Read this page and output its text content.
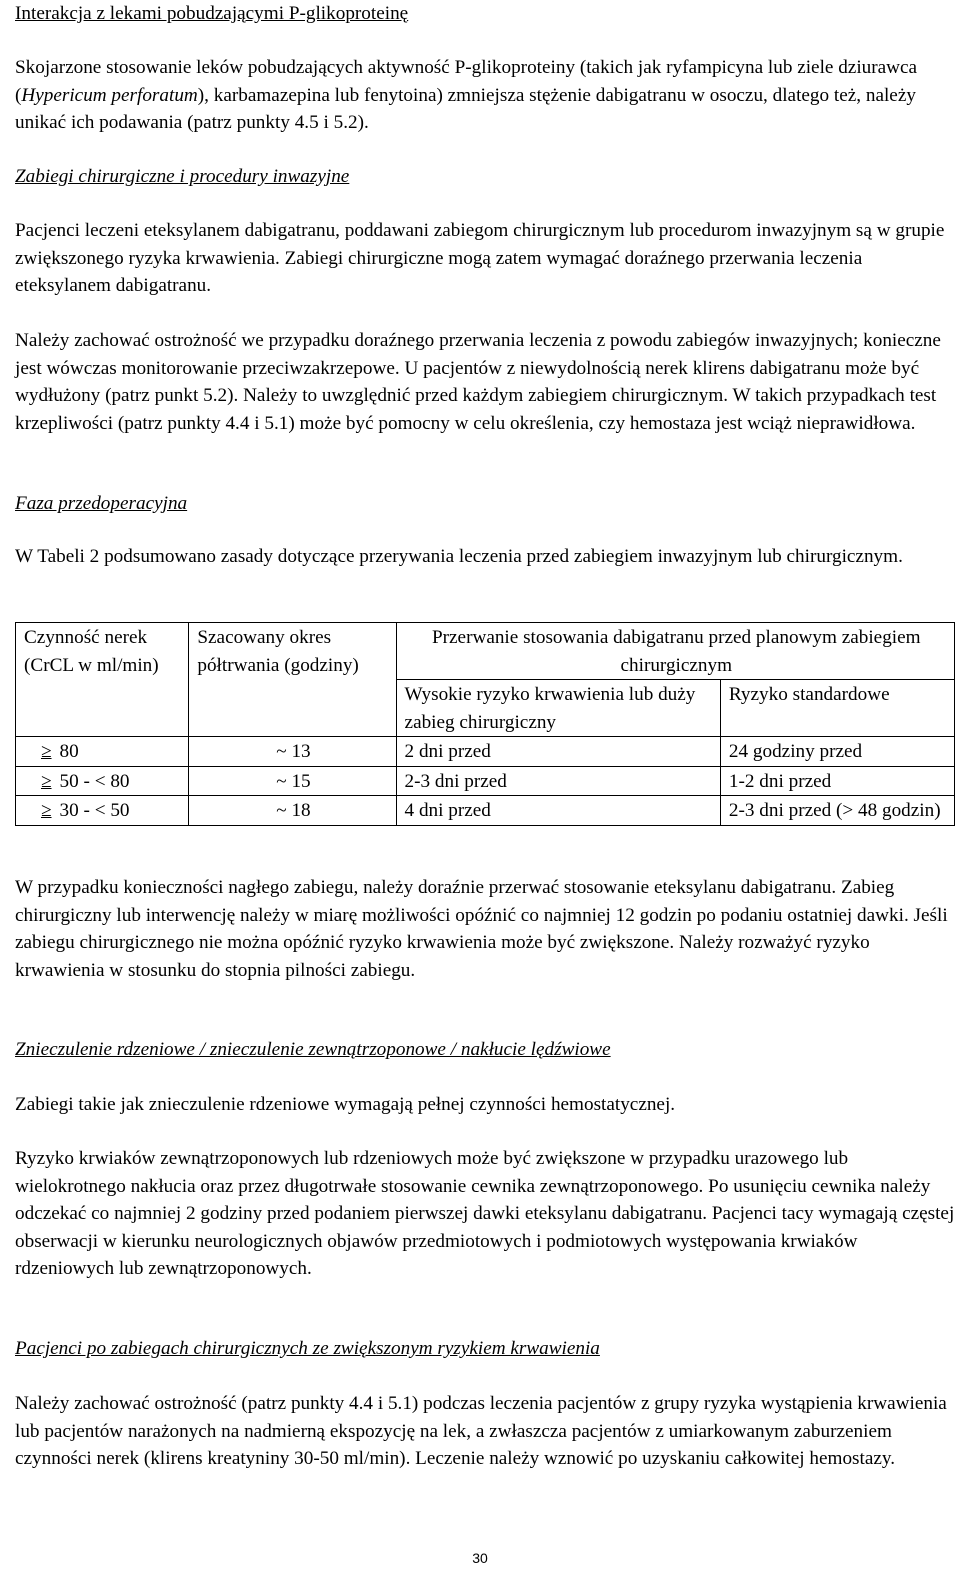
Interakcja z lekami pobudzającymi P-glikoproteinę

Skojarzone stosowanie leków pobudzających aktywność P-glikoproteiny (takich jak ryfampicyna lub ziele dziurawca (Hypericum perforatum), karbamazepina lub fenytoina) zmniejsza stężenie dabigatranu w osoczu, dlatego też, należy unikać ich podawania (patrz punkty 4.5 i 5.2).

Zabiegi chirurgiczne i procedury inwazyjne

Pacjenci leczeni eteksylanem dabigatranu, poddawani zabiegom chirurgicznym lub procedurom inwazyjnym są w grupie zwiększonego ryzyka krwawienia. Zabiegi chirurgiczne mogą zatem wymagać doraźnego przerwania leczenia eteksylanem dabigatranu.

Należy zachować ostrożność we przypadku doraźnego przerwania leczenia z powodu zabiegów inwazyjnych; konieczne jest wówczas monitorowanie przeciwzakrzepowe. U pacjentów z niewydolnością nerek klirens dabigatranu może być wydłużony (patrz punkt 5.2). Należy to uwzględnić przed każdym zabiegiem chirurgicznym. W takich przypadkach test krzepliwości (patrz punkty 4.4 i 5.1) może być pomocny w celu określenia, czy hemostaza jest wciąż nieprawidłowa.

Faza przedoperacyjna

W Tabeli 2 podsumowano zasady dotyczące przerywania leczenia przed zabiegiem inwazyjnym lub chirurgicznym.

Czynność nerek (CrCL w ml/min)	Szacowany okres półtrwania (godziny)	Przerwanie stosowania dabigatranu przed planowym zabiegiem chirurgicznym	
		Wysokie ryzyko krwawienia lub duży zabieg chirurgiczny	Ryzyko standardowe
≥ 80	~ 13	2 dni przed	24 godziny przed
≥ 50 - < 80	~ 15	2-3 dni przed	1-2 dni przed
≥ 30 - < 50	~ 18	4 dni przed	2-3 dni przed (> 48 godzin)

W przypadku konieczności nagłego zabiegu, należy doraźnie przerwać stosowanie eteksylanu dabigatranu. Zabieg chirurgiczny lub interwencję należy w miarę możliwości opóźnić co najmniej 12 godzin po podaniu ostatniej dawki. Jeśli zabiegu chirurgicznego nie można opóźnić ryzyko krwawienia może być zwiększone. Należy rozważyć ryzyko krwawienia w stosunku do stopnia pilności zabiegu.

Znieczulenie rdzeniowe / znieczulenie zewnątrzoponowe / nakłucie lędźwiowe

Zabiegi takie jak znieczulenie rdzeniowe wymagają pełnej czynności hemostatycznej.

Ryzyko krwiaków zewnątrzoponowych lub rdzeniowych może być zwiększone w przypadku urazowego lub wielokrotnego nakłucia oraz przez długotrwałe stosowanie cewnika zewnątrzoponowego. Po usunięciu cewnika należy odczekać co najmniej 2 godziny przed podaniem pierwszej dawki eteksylanu dabigatranu. Pacjenci tacy wymagają częstej obserwacji w kierunku neurologicznych objawów przedmiotowych i podmiotowych występowania krwiaków rdzeniowych lub zewnątrzoponowych.

Pacjenci po zabiegach chirurgicznych ze zwiększonym ryzykiem krwawienia

Należy zachować ostrożność (patrz punkty 4.4 i 5.1) podczas leczenia pacjentów z grupy ryzyka wystąpienia krwawienia lub pacjentów narażonych na nadmierną ekspozycję na lek, a zwłaszcza pacjentów z umiarkowanym zaburzeniem czynności nerek (klirens kreatyniny 30-50 ml/min). Leczenie należy wznowić po uzyskaniu całkowitej hemostazy.

30
